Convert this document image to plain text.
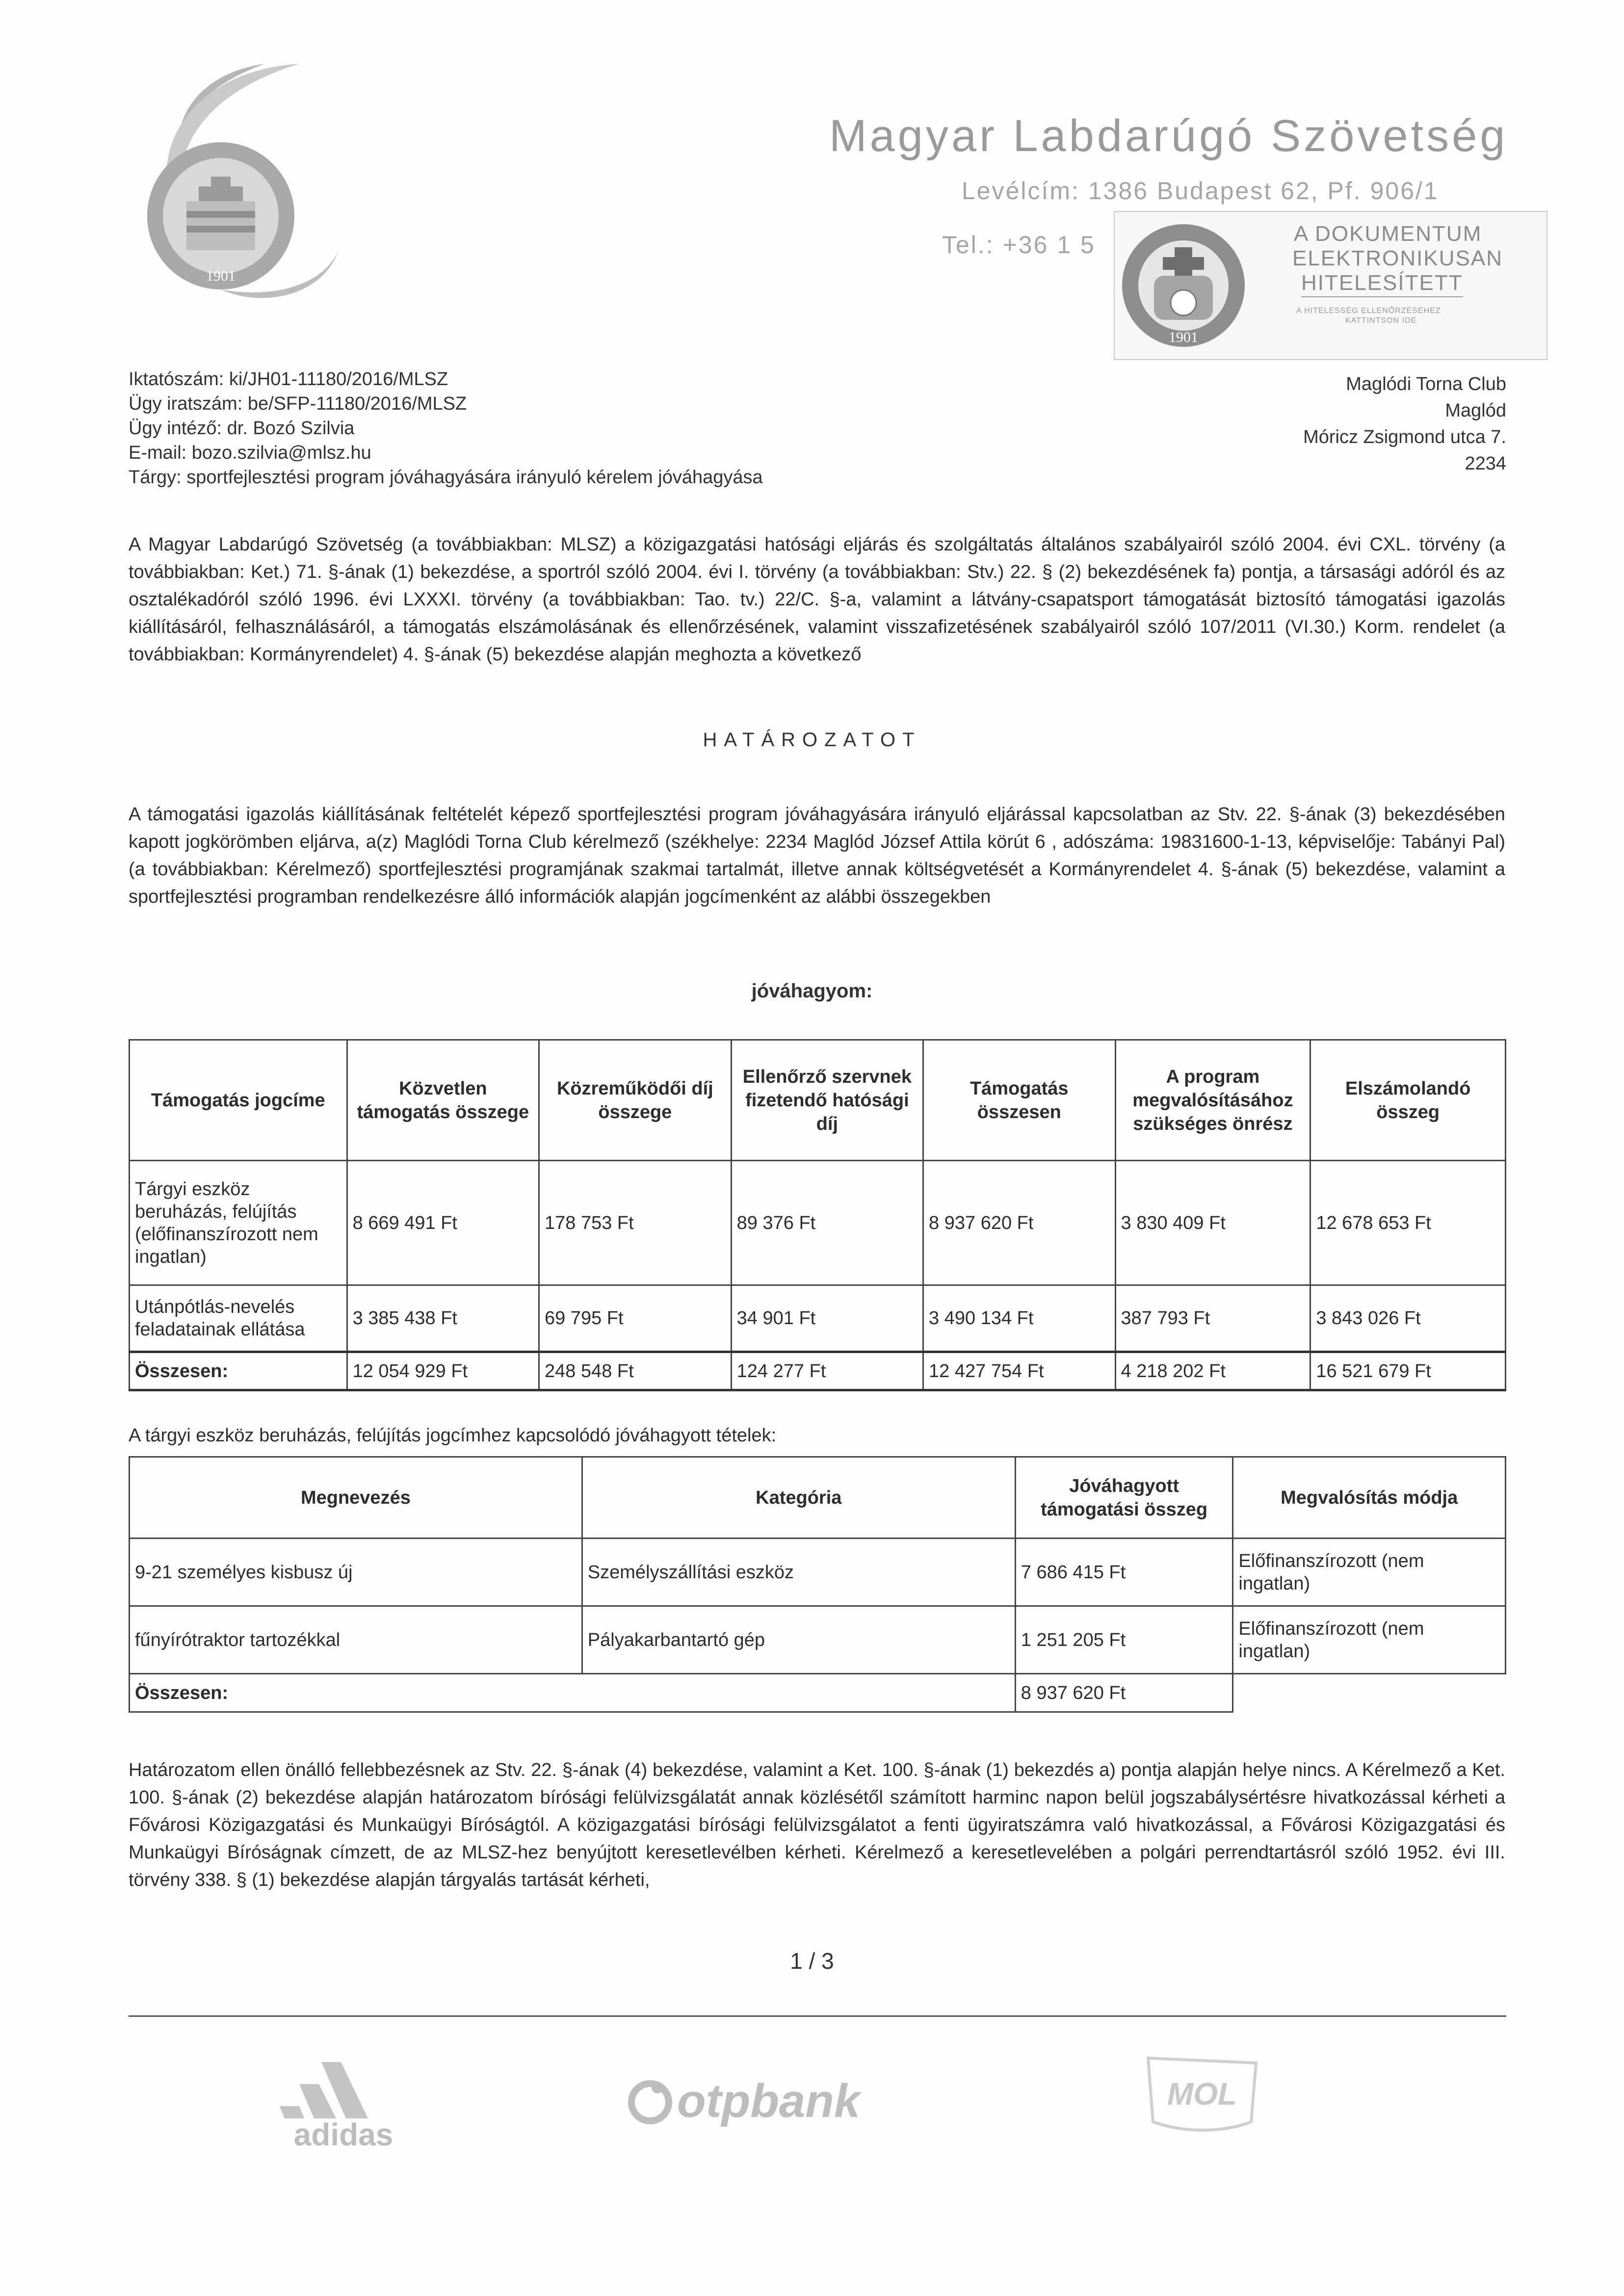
1901
Magyar Labdarúgó Szövetség
Levélcím: 1386 Budapest 62, Pf. 906/1
Tel.: +36 1 5
1901
A DOKUMENTUM
ELEKTRONIKUSAN
HITELESÍTETT
A HITELESSÉG ELLENŐRZÉSÉHEZ
KATTINTSON IDE
Iktatószám: ki/JH01-11180/2016/MLSZ
Ügy iratszám: be/SFP-11180/2016/MLSZ
Ügy intéző: dr. Bozó Szilvia
E-mail: bozo.szilvia@mlsz.hu
Tárgy: sportfejlesztési program jóváhagyására irányuló kérelem jóváhagyása
Maglódi Torna Club
Maglód
Móricz Zsigmond utca 7.
2234
A Magyar Labdarúgó Szövetség (a továbbiakban: MLSZ) a közigazgatási hatósági eljárás és szolgáltatás általános szabályairól szóló 2004. évi CXL. törvény (a továbbiakban: Ket.) 71. §-ának (1) bekezdése, a sportról szóló 2004. évi I. törvény (a továbbiakban: Stv.) 22. § (2) bekezdésének fa) pontja, a társasági adóról és az osztalékadóról szóló 1996. évi LXXXI. törvény (a továbbiakban: Tao. tv.) 22/C. §-a, valamint a látvány-csapatsport támogatását biztosító támogatási igazolás kiállításáról, felhasználásáról, a támogatás elszámolásának és ellenőrzésének, valamint visszafizetésének szabályairól szóló 107/2011 (VI.30.) Korm. rendelet (a továbbiakban: Kormányrendelet) 4. §-ának (5) bekezdése alapján meghozta a következő
HATÁROZATOT
A támogatási igazolás kiállításának feltételét képező sportfejlesztési program jóváhagyására irányuló eljárással kapcsolatban az Stv. 22. §-ának (3) bekezdésében kapott jogkörömben eljárva, a(z) Maglódi Torna Club kérelmező (székhelye: 2234 Maglód József Attila körút 6 , adószáma: 19831600-1-13, képviselője: Tabányi Pal) (a továbbiakban: Kérelmező) sportfejlesztési programjának szakmai tartalmát, illetve annak költségvetését a Kormányrendelet 4. §-ának (5) bekezdése, valamint a sportfejlesztési programban rendelkezésre álló információk alapján jogcímenként az alábbi összegekben
jóváhagyom:
Támogatás jogcíme	Közvetlen támogatás összege	Közreműködői díj összege	Ellenőrző szervnek fizetendő hatósági díj	Támogatás összesen	A program megvalósításához szükséges önrész	Elszámolandó összeg
Tárgyi eszköz beruházás, felújítás (előfinanszírozott nem ingatlan)	8 669 491 Ft	178 753 Ft	89 376 Ft	8 937 620 Ft	3 830 409 Ft	12 678 653 Ft
Utánpótlás-nevelés feladatainak ellátása	3 385 438 Ft	69 795 Ft	34 901 Ft	3 490 134 Ft	387 793 Ft	3 843 026 Ft
Összesen:	12 054 929 Ft	248 548 Ft	124 277 Ft	12 427 754 Ft	4 218 202 Ft	16 521 679 Ft
A tárgyi eszköz beruházás, felújítás jogcímhez kapcsolódó jóváhagyott tételek:
Megnevezés	Kategória	Jóváhagyott támogatási összeg	Megvalósítás módja
9-21 személyes kisbusz új	Személyszállítási eszköz	7 686 415 Ft	Előfinanszírozott (nem ingatlan)
fűnyírótraktor tartozékkal	Pályakarbantartó gép	1 251 205 Ft	Előfinanszírozott (nem ingatlan)
Összesen:		8 937 620 Ft	
Határozatom ellen önálló fellebbezésnek az Stv. 22. §-ának (4) bekezdése, valamint a Ket. 100. §-ának (1) bekezdés a) pontja alapján helye nincs. A Kérelmező a Ket. 100. §-ának (2) bekezdése alapján határozatom bírósági felülvizsgálatát annak közlésétől számított harminc napon belül jogszabálysértésre hivatkozással kérheti a Fővárosi Közigazgatási és Munkaügyi Bíróságtól. A közigazgatási bírósági felülvizsgálatot a fenti ügyiratszámra való hivatkozással, a Fővárosi Közigazgatási és Munkaügyi Bíróságnak címzett, de az MLSZ-hez benyújtott keresetlevélben kérheti. Kérelmező a keresetlevelében a polgári perrendtartásról szóló 1952. évi III. törvény 338. § (1) bekezdése alapján tárgyalás tartását kérheti,
1 / 3
adidas
otpbank	MOL
